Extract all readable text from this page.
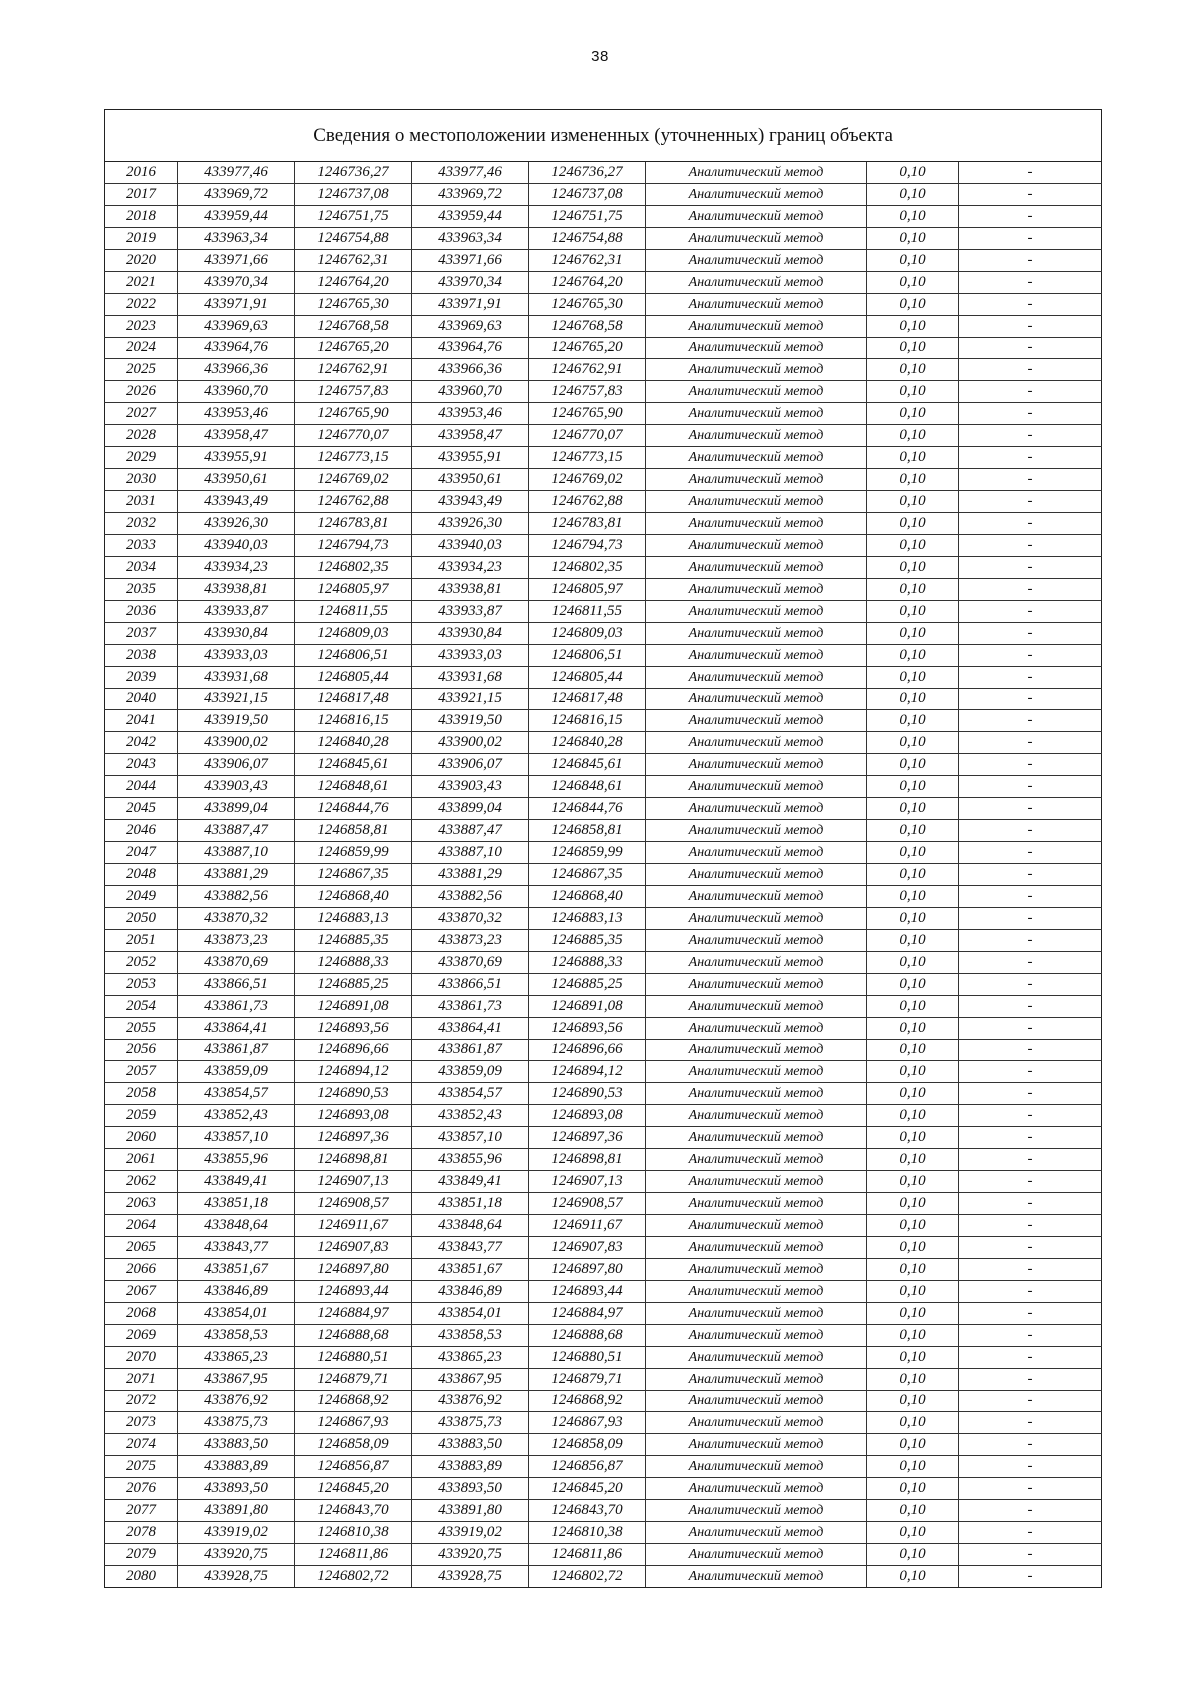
38
Сведения о местоположении измененных (уточненных) границ объекта							
2016	433977,46	1246736,27	433977,46	1246736,27	Аналитический метод	0,10	-
2017	433969,72	1246737,08	433969,72	1246737,08	Аналитический метод	0,10	-
2018	433959,44	1246751,75	433959,44	1246751,75	Аналитический метод	0,10	-
2019	433963,34	1246754,88	433963,34	1246754,88	Аналитический метод	0,10	-
2020	433971,66	1246762,31	433971,66	1246762,31	Аналитический метод	0,10	-
2021	433970,34	1246764,20	433970,34	1246764,20	Аналитический метод	0,10	-
2022	433971,91	1246765,30	433971,91	1246765,30	Аналитический метод	0,10	-
2023	433969,63	1246768,58	433969,63	1246768,58	Аналитический метод	0,10	-
2024	433964,76	1246765,20	433964,76	1246765,20	Аналитический метод	0,10	-
2025	433966,36	1246762,91	433966,36	1246762,91	Аналитический метод	0,10	-
2026	433960,70	1246757,83	433960,70	1246757,83	Аналитический метод	0,10	-
2027	433953,46	1246765,90	433953,46	1246765,90	Аналитический метод	0,10	-
2028	433958,47	1246770,07	433958,47	1246770,07	Аналитический метод	0,10	-
2029	433955,91	1246773,15	433955,91	1246773,15	Аналитический метод	0,10	-
2030	433950,61	1246769,02	433950,61	1246769,02	Аналитический метод	0,10	-
2031	433943,49	1246762,88	433943,49	1246762,88	Аналитический метод	0,10	-
2032	433926,30	1246783,81	433926,30	1246783,81	Аналитический метод	0,10	-
2033	433940,03	1246794,73	433940,03	1246794,73	Аналитический метод	0,10	-
2034	433934,23	1246802,35	433934,23	1246802,35	Аналитический метод	0,10	-
2035	433938,81	1246805,97	433938,81	1246805,97	Аналитический метод	0,10	-
2036	433933,87	1246811,55	433933,87	1246811,55	Аналитический метод	0,10	-
2037	433930,84	1246809,03	433930,84	1246809,03	Аналитический метод	0,10	-
2038	433933,03	1246806,51	433933,03	1246806,51	Аналитический метод	0,10	-
2039	433931,68	1246805,44	433931,68	1246805,44	Аналитический метод	0,10	-
2040	433921,15	1246817,48	433921,15	1246817,48	Аналитический метод	0,10	-
2041	433919,50	1246816,15	433919,50	1246816,15	Аналитический метод	0,10	-
2042	433900,02	1246840,28	433900,02	1246840,28	Аналитический метод	0,10	-
2043	433906,07	1246845,61	433906,07	1246845,61	Аналитический метод	0,10	-
2044	433903,43	1246848,61	433903,43	1246848,61	Аналитический метод	0,10	-
2045	433899,04	1246844,76	433899,04	1246844,76	Аналитический метод	0,10	-
2046	433887,47	1246858,81	433887,47	1246858,81	Аналитический метод	0,10	-
2047	433887,10	1246859,99	433887,10	1246859,99	Аналитический метод	0,10	-
2048	433881,29	1246867,35	433881,29	1246867,35	Аналитический метод	0,10	-
2049	433882,56	1246868,40	433882,56	1246868,40	Аналитический метод	0,10	-
2050	433870,32	1246883,13	433870,32	1246883,13	Аналитический метод	0,10	-
2051	433873,23	1246885,35	433873,23	1246885,35	Аналитический метод	0,10	-
2052	433870,69	1246888,33	433870,69	1246888,33	Аналитический метод	0,10	-
2053	433866,51	1246885,25	433866,51	1246885,25	Аналитический метод	0,10	-
2054	433861,73	1246891,08	433861,73	1246891,08	Аналитический метод	0,10	-
2055	433864,41	1246893,56	433864,41	1246893,56	Аналитический метод	0,10	-
2056	433861,87	1246896,66	433861,87	1246896,66	Аналитический метод	0,10	-
2057	433859,09	1246894,12	433859,09	1246894,12	Аналитический метод	0,10	-
2058	433854,57	1246890,53	433854,57	1246890,53	Аналитический метод	0,10	-
2059	433852,43	1246893,08	433852,43	1246893,08	Аналитический метод	0,10	-
2060	433857,10	1246897,36	433857,10	1246897,36	Аналитический метод	0,10	-
2061	433855,96	1246898,81	433855,96	1246898,81	Аналитический метод	0,10	-
2062	433849,41	1246907,13	433849,41	1246907,13	Аналитический метод	0,10	-
2063	433851,18	1246908,57	433851,18	1246908,57	Аналитический метод	0,10	-
2064	433848,64	1246911,67	433848,64	1246911,67	Аналитический метод	0,10	-
2065	433843,77	1246907,83	433843,77	1246907,83	Аналитический метод	0,10	-
2066	433851,67	1246897,80	433851,67	1246897,80	Аналитический метод	0,10	-
2067	433846,89	1246893,44	433846,89	1246893,44	Аналитический метод	0,10	-
2068	433854,01	1246884,97	433854,01	1246884,97	Аналитический метод	0,10	-
2069	433858,53	1246888,68	433858,53	1246888,68	Аналитический метод	0,10	-
2070	433865,23	1246880,51	433865,23	1246880,51	Аналитический метод	0,10	-
2071	433867,95	1246879,71	433867,95	1246879,71	Аналитический метод	0,10	-
2072	433876,92	1246868,92	433876,92	1246868,92	Аналитический метод	0,10	-
2073	433875,73	1246867,93	433875,73	1246867,93	Аналитический метод	0,10	-
2074	433883,50	1246858,09	433883,50	1246858,09	Аналитический метод	0,10	-
2075	433883,89	1246856,87	433883,89	1246856,87	Аналитический метод	0,10	-
2076	433893,50	1246845,20	433893,50	1246845,20	Аналитический метод	0,10	-
2077	433891,80	1246843,70	433891,80	1246843,70	Аналитический метод	0,10	-
2078	433919,02	1246810,38	433919,02	1246810,38	Аналитический метод	0,10	-
2079	433920,75	1246811,86	433920,75	1246811,86	Аналитический метод	0,10	-
2080	433928,75	1246802,72	433928,75	1246802,72	Аналитический метод	0,10	-
